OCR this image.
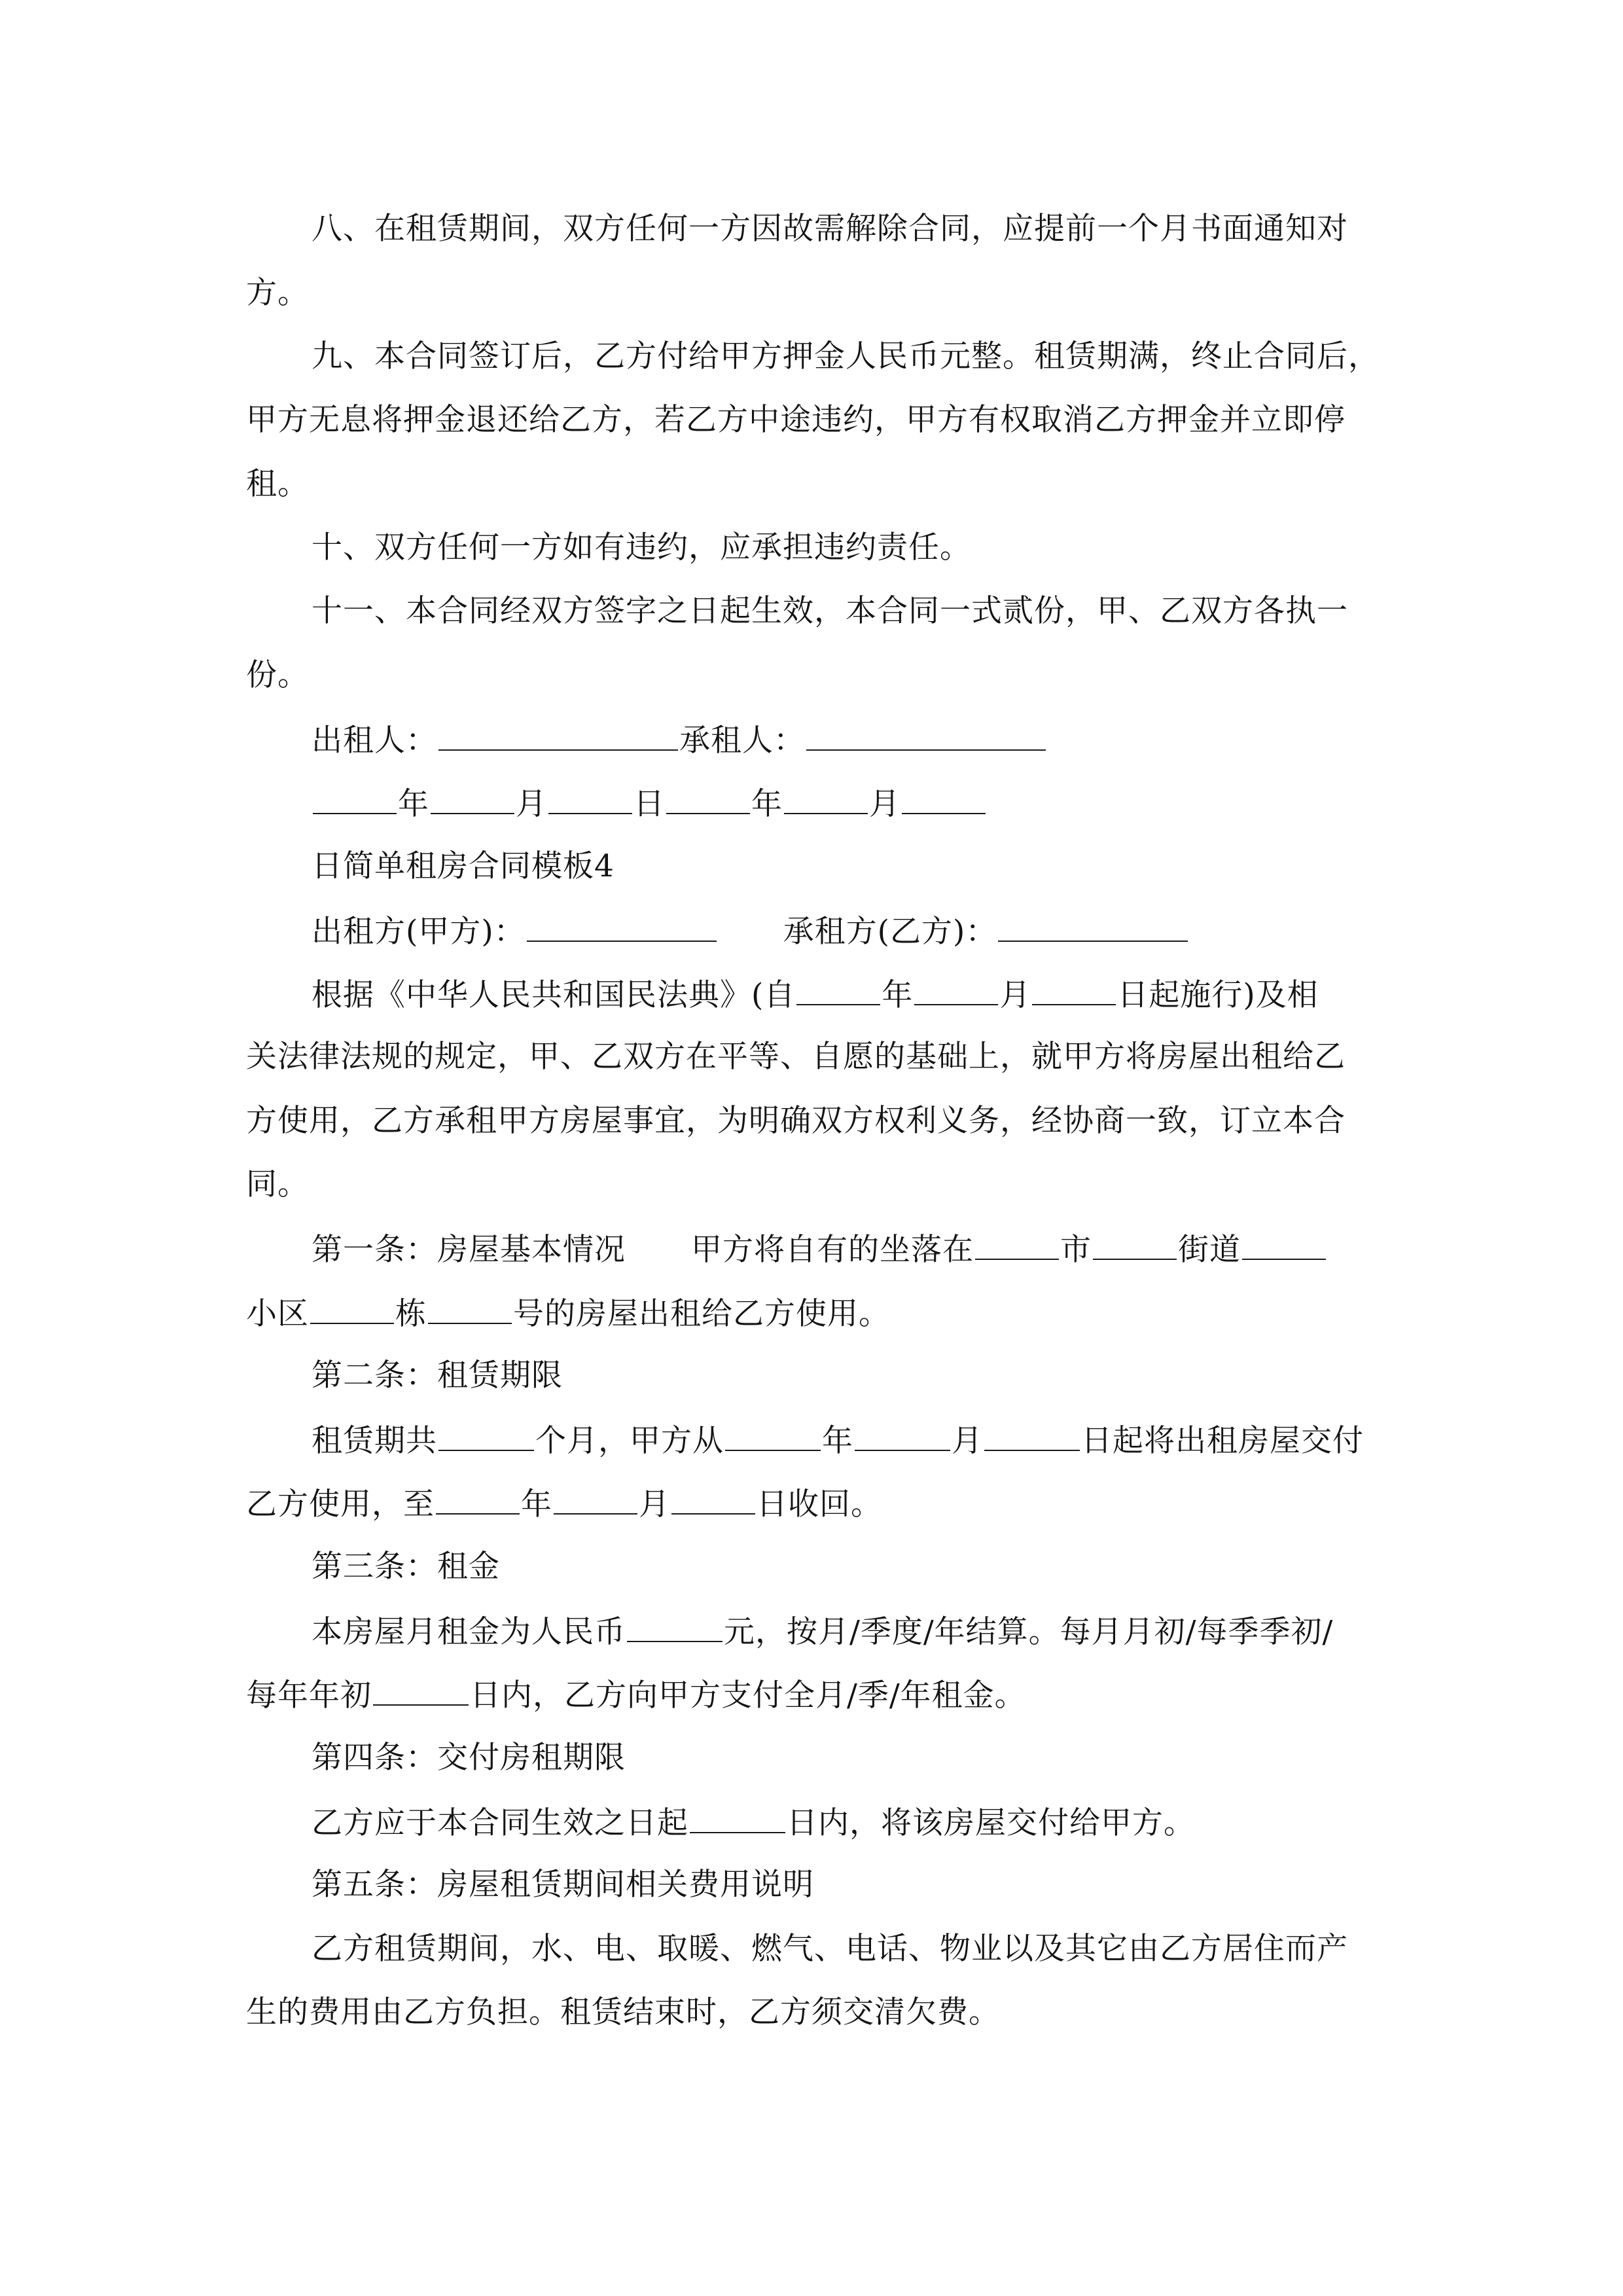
八、在租赁期间，双方任何一方因故需解除合同，应提前一个月书面通知对
方。
九、本合同签订后，乙方付给甲方押金人民币元整。租赁期满，终止合同后，
甲方无息将押金退还给乙方，若乙方中途违约，甲方有权取消乙方押金并立即停
租。
十、双方任何一方如有违约，应承担违约责任。
十一、本合同经双方签字之日起生效，本合同一式贰份，甲、乙双方各执一
份。
出租人：	承租人：
年	月	日	年	月
日简单租房合同模板4
出租方(甲方)：	承租方(乙方)：
根据《中华人民共和国民法典》(自	年	月	日起施行)及相
关法律法规的规定，甲、乙双方在平等、自愿的基础上，就甲方将房屋出租给乙
方使用，乙方承租甲方房屋事宜，为明确双方权利义务，经协商一致，订立本合
同。
第一条：房屋基本情况 甲方将自有的坐落在	市	街道
小区	栋	号的房屋出租给乙方使用。
第二条：租赁期限
租赁期共	个月，甲方从	年	月	日起将出租房屋交付
乙方使用，至	年	月	日收回。
第三条：租金
本房屋月租金为人民币	元，按月/季度/年结算。每月月初/每季季初/
每年年初	日内，乙方向甲方支付全月/季/年租金。
第四条：交付房租期限
乙方应于本合同生效之日起	日内，将该房屋交付给甲方。
第五条：房屋租赁期间相关费用说明
乙方租赁期间，水、电、取暖、燃气、电话、物业以及其它由乙方居住而产
生的费用由乙方负担。租赁结束时，乙方须交清欠费。
